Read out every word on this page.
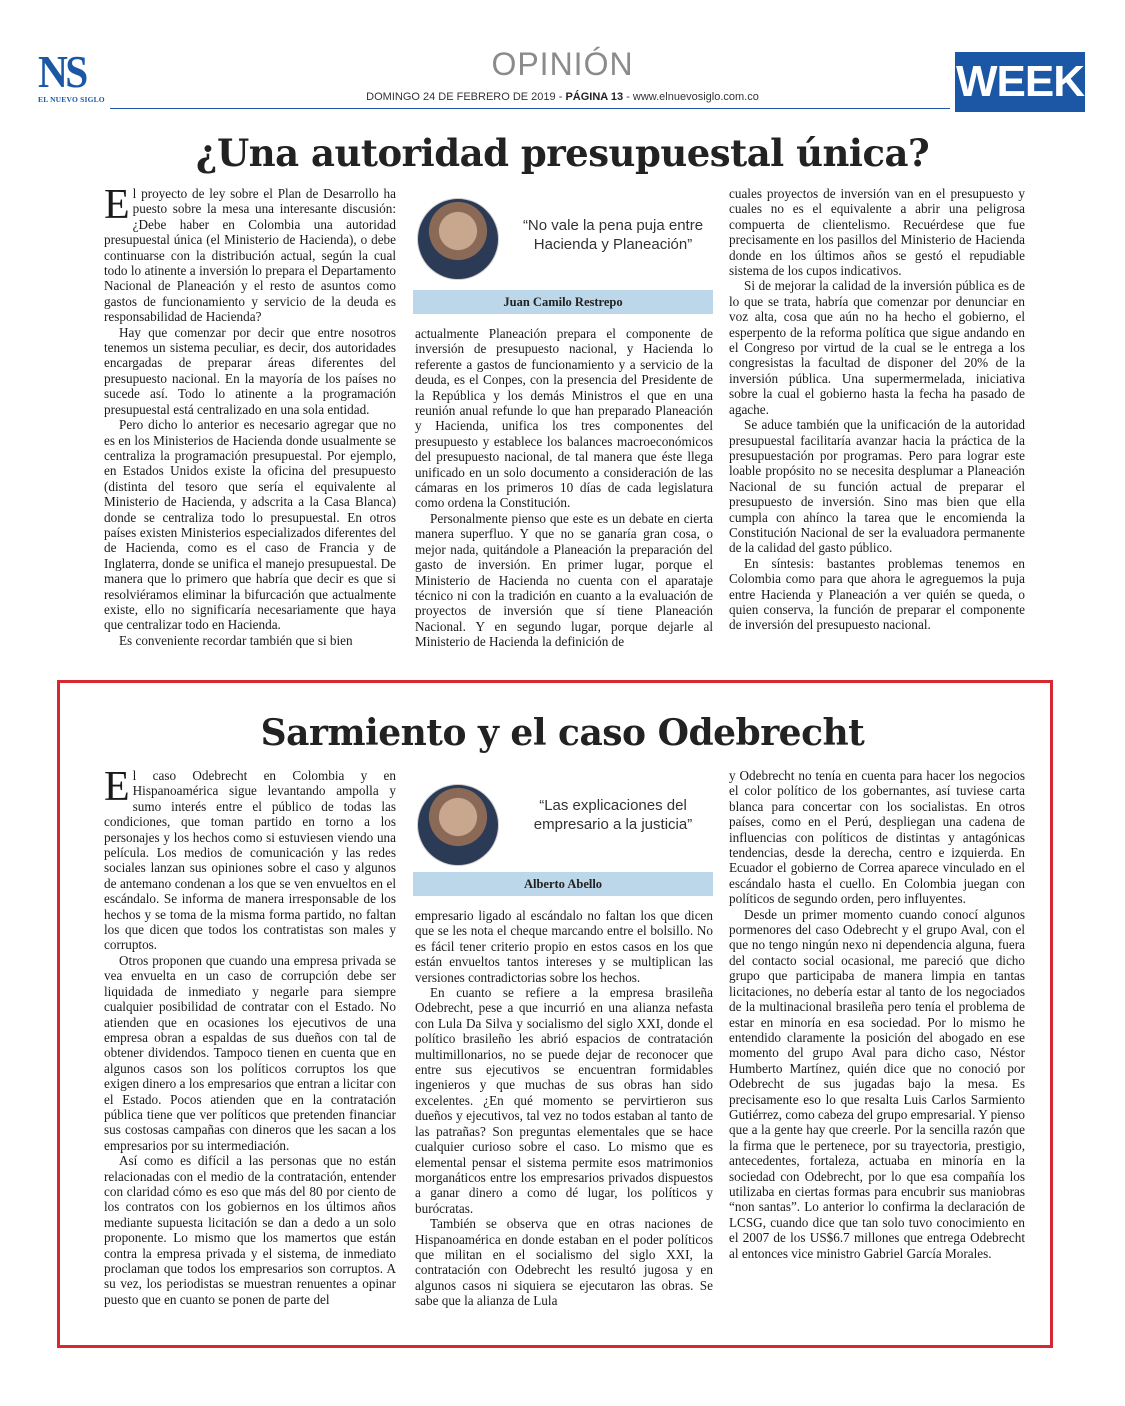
NS
EL NUEVO SIGLO
OPINIÓN
DOMINGO 24 DE FEBRERO DE 2019 - PÁGINA 13 - www.elnuevosiglo.com.co	WEEK
¿Una autoridad presupuestal única?

El proyecto de ley sobre el Plan de Desarrollo ha puesto sobre la mesa una interesante discusión: ¿Debe haber en Colombia una autoridad presupuestal única (el Ministerio de Hacienda), o debe continuarse con la distribución actual, según la cual todo lo atinente a inversión lo prepara el Departamento Nacional de Planeación y el resto de asuntos como gastos de funcionamiento y servicio de la deuda es responsabilidad de Hacienda?

Hay que comenzar por decir que entre nosotros tenemos un sistema peculiar, es decir, dos autoridades encargadas de preparar áreas diferentes del presupuesto nacional. En la mayoría de los países no sucede así. Todo lo atinente a la programación presupuestal está centralizado en una sola entidad.

Pero dicho lo anterior es necesario agregar que no es en los Ministerios de Hacienda donde usualmente se centraliza la programación presupuestal. Por ejemplo, en Estados Unidos existe la oficina del presupuesto (distinta del tesoro que sería el equivalente al Ministerio de Hacienda, y adscrita a la Casa Blanca) donde se centraliza todo lo presupuestal. En otros países existen Ministerios especializados diferentes del de Hacienda, como es el caso de Francia y de Inglaterra, donde se unifica el manejo presupuestal. De manera que lo primero que habría que decir es que si resolviéramos eliminar la bifurcación que actualmente existe, ello no significaría necesariamente que haya que centralizar todo en Hacienda.

Es conveniente recordar también que si bien

“No vale la pena puja entre Hacienda y Planeación”
Juan Camilo Restrepo

actualmente Planeación prepara el componente de inversión de presupuesto nacional, y Hacienda lo referente a gastos de funcionamiento y a servicio de la deuda, es el Conpes, con la presencia del Presidente de la República y los demás Ministros el que en una reunión anual refunde lo que han preparado Planeación y Hacienda, unifica los tres componentes del presupuesto y establece los balances macroeconómicos del presupuesto nacional, de tal manera que éste llega unificado en un solo documento a consideración de las cámaras en los primeros 10 días de cada legislatura como ordena la Constitución.

Personalmente pienso que este es un debate en cierta manera superfluo. Y que no se ganaría gran cosa, o mejor nada, quitándole a Planeación la preparación del gasto de inversión. En primer lugar, porque el Ministerio de Hacienda no cuenta con el aparataje técnico ni con la tradición en cuanto a la evaluación de proyectos de inversión que sí tiene Planeación Nacional. Y en segundo lugar, porque dejarle al Ministerio de Hacienda la definición de

cuales proyectos de inversión van en el presupuesto y cuales no es el equivalente a abrir una peligrosa compuerta de clientelismo. Recuérdese que fue precisamente en los pasillos del Ministerio de Hacienda donde en los últimos años se gestó el repudiable sistema de los cupos indicativos.

Si de mejorar la calidad de la inversión pública es de lo que se trata, habría que comenzar por denunciar en voz alta, cosa que aún no ha hecho el gobierno, el esperpento de la reforma política que sigue andando en el Congreso por virtud de la cual se le entrega a los congresistas la facultad de disponer del 20% de la inversión pública. Una supermermelada, iniciativa sobre la cual el gobierno hasta la fecha ha pasado de agache.

Se aduce también que la unificación de la autoridad presupuestal facilitaría avanzar hacia la práctica de la presupuestación por programas. Pero para lograr este loable propósito no se necesita desplumar a Planeación Nacional de su función actual de preparar el presupuesto de inversión. Sino mas bien que ella cumpla con ahínco la tarea que le encomienda la Constitución Nacional de ser la evaluadora permanente de la calidad del gasto público.

En síntesis: bastantes problemas tenemos en Colombia como para que ahora le agreguemos la puja entre Hacienda y Planeación a ver quién se queda, o quien conserva, la función de preparar el componente de inversión del presupuesto nacional.

Sarmiento y el caso Odebrecht

El caso Odebrecht en Colombia y en Hispanoamérica sigue levantando ampolla y sumo interés entre el público de todas las condiciones, que toman partido en torno a los personajes y los hechos como si estuviesen viendo una película. Los medios de comunicación y las redes sociales lanzan sus opiniones sobre el caso y algunos de antemano condenan a los que se ven envueltos en el escándalo. Se informa de manera irresponsable de los hechos y se toma de la misma forma partido, no faltan los que dicen que todos los contratistas son males y corruptos.

Otros proponen que cuando una empresa privada se vea envuelta en un caso de corrupción debe ser liquidada de inmediato y negarle para siempre cualquier posibilidad de contratar con el Estado. No atienden que en ocasiones los ejecutivos de una empresa obran a espaldas de sus dueños con tal de obtener dividendos. Tampoco tienen en cuenta que en algunos casos son los políticos corruptos los que exigen dinero a los empresarios que entran a licitar con el Estado. Pocos atienden que en la contratación pública tiene que ver políticos que pretenden financiar sus costosas campañas con dineros que les sacan a los empresarios por su intermediación.

Así como es difícil a las personas que no están relacionadas con el medio de la contratación, entender con claridad cómo es eso que más del 80 por ciento de los contratos con los gobiernos en los últimos años mediante supuesta licitación se dan a dedo a un solo proponente. Lo mismo que los mamertos que están contra la empresa privada y el sistema, de inmediato proclaman que todos los empresarios son corruptos. A su vez, los periodistas se muestran renuentes a opinar puesto que en cuanto se ponen de parte del

“Las explicaciones del empresario a la justicia”
Alberto Abello

empresario ligado al escándalo no faltan los que dicen que se les nota el cheque marcando entre el bolsillo. No es fácil tener criterio propio en estos casos en los que están envueltos tantos intereses y se multiplican las versiones contradictorias sobre los hechos.

En cuanto se refiere a la empresa brasileña Odebrecht, pese a que incurrió en una alianza nefasta con Lula Da Silva y socialismo del siglo XXI, donde el político brasileño les abrió espacios de contratación multimillonarios, no se puede dejar de reconocer que entre sus ejecutivos se encuentran formidables ingenieros y que muchas de sus obras han sido excelentes. ¿En qué momento se pervirtieron sus dueños y ejecutivos, tal vez no todos estaban al tanto de las patrañas? Son preguntas elementales que se hace cualquier curioso sobre el caso. Lo mismo que es elemental pensar el sistema permite esos matrimonios morganáticos entre los empresarios privados dispuestos a ganar dinero a como dé lugar, los políticos y burócratas.

También se observa que en otras naciones de Hispanoamérica en donde estaban en el poder políticos que militan en el socialismo del siglo XXI, la contratación con Odebrecht les resultó jugosa y en algunos casos ni siquiera se ejecutaron las obras. Se sabe que la alianza de Lula

y Odebrecht no tenía en cuenta para hacer los negocios el color político de los gobernantes, así tuviese carta blanca para concertar con los socialistas. En otros países, como en el Perú, despliegan una cadena de influencias con políticos de distintas y antagónicas tendencias, desde la derecha, centro e izquierda. En Ecuador el gobierno de Correa aparece vinculado en el escándalo hasta el cuello. En Colombia juegan con políticos de segundo orden, pero influyentes.

Desde un primer momento cuando conocí algunos pormenores del caso Odebrecht y el grupo Aval, con el que no tengo ningún nexo ni dependencia alguna, fuera del contacto social ocasional, me pareció que dicho grupo que participaba de manera limpia en tantas licitaciones, no debería estar al tanto de los negociados de la multinacional brasileña pero tenía el problema de estar en minoría en esa sociedad. Por lo mismo he entendido claramente la posición del abogado en ese momento del grupo Aval para dicho caso, Néstor Humberto Martínez, quién dice que no conoció por Odebrecht de sus jugadas bajo la mesa. Es precisamente eso lo que resalta Luis Carlos Sarmiento Gutiérrez, como cabeza del grupo empresarial. Y pienso que a la gente hay que creerle. Por la sencilla razón que la firma que le pertenece, por su trayectoria, prestigio, antecedentes, fortaleza, actuaba en minoría en la sociedad con Odebrecht, por lo que esa compañía los utilizaba en ciertas formas para encubrir sus maniobras “non santas”. Lo anterior lo confirma la declaración de LCSG, cuando dice que tan solo tuvo conocimiento en el 2007 de los US$6.7 millones que entrega Odebrecht al entonces vice ministro Gabriel García Morales.
